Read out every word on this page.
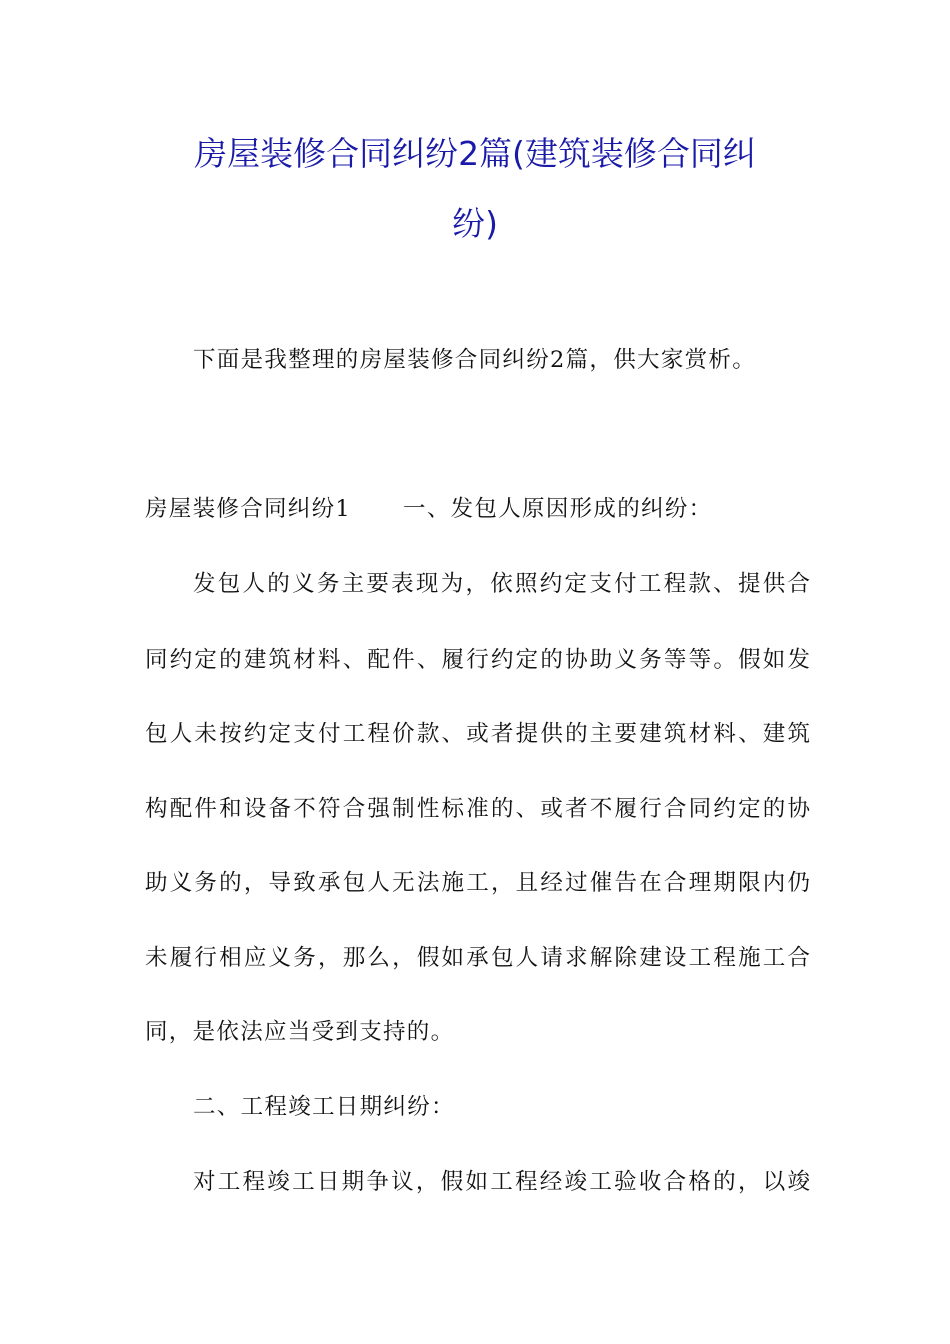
房屋装修合同纠纷2篇(建筑装修合同纠
纷)
下面是我整理的房屋装修合同纠纷2篇，供大家赏析。
房屋装修合同纠纷1 一、发包人原因形成的纠纷：
发包人的义务主要表现为，依照约定支付工程款、提供合
同约定的建筑材料、配件、履行约定的协助义务等等。假如发
包人未按约定支付工程价款、或者提供的主要建筑材料、建筑
构配件和设备不符合强制性标准的、或者不履行合同约定的协
助义务的，导致承包人无法施工，且经过催告在合理期限内仍
未履行相应义务，那么，假如承包人请求解除建设工程施工合
同，是依法应当受到支持的。
二、工程竣工日期纠纷：
对工程竣工日期争议，假如工程经竣工验收合格的，以竣
